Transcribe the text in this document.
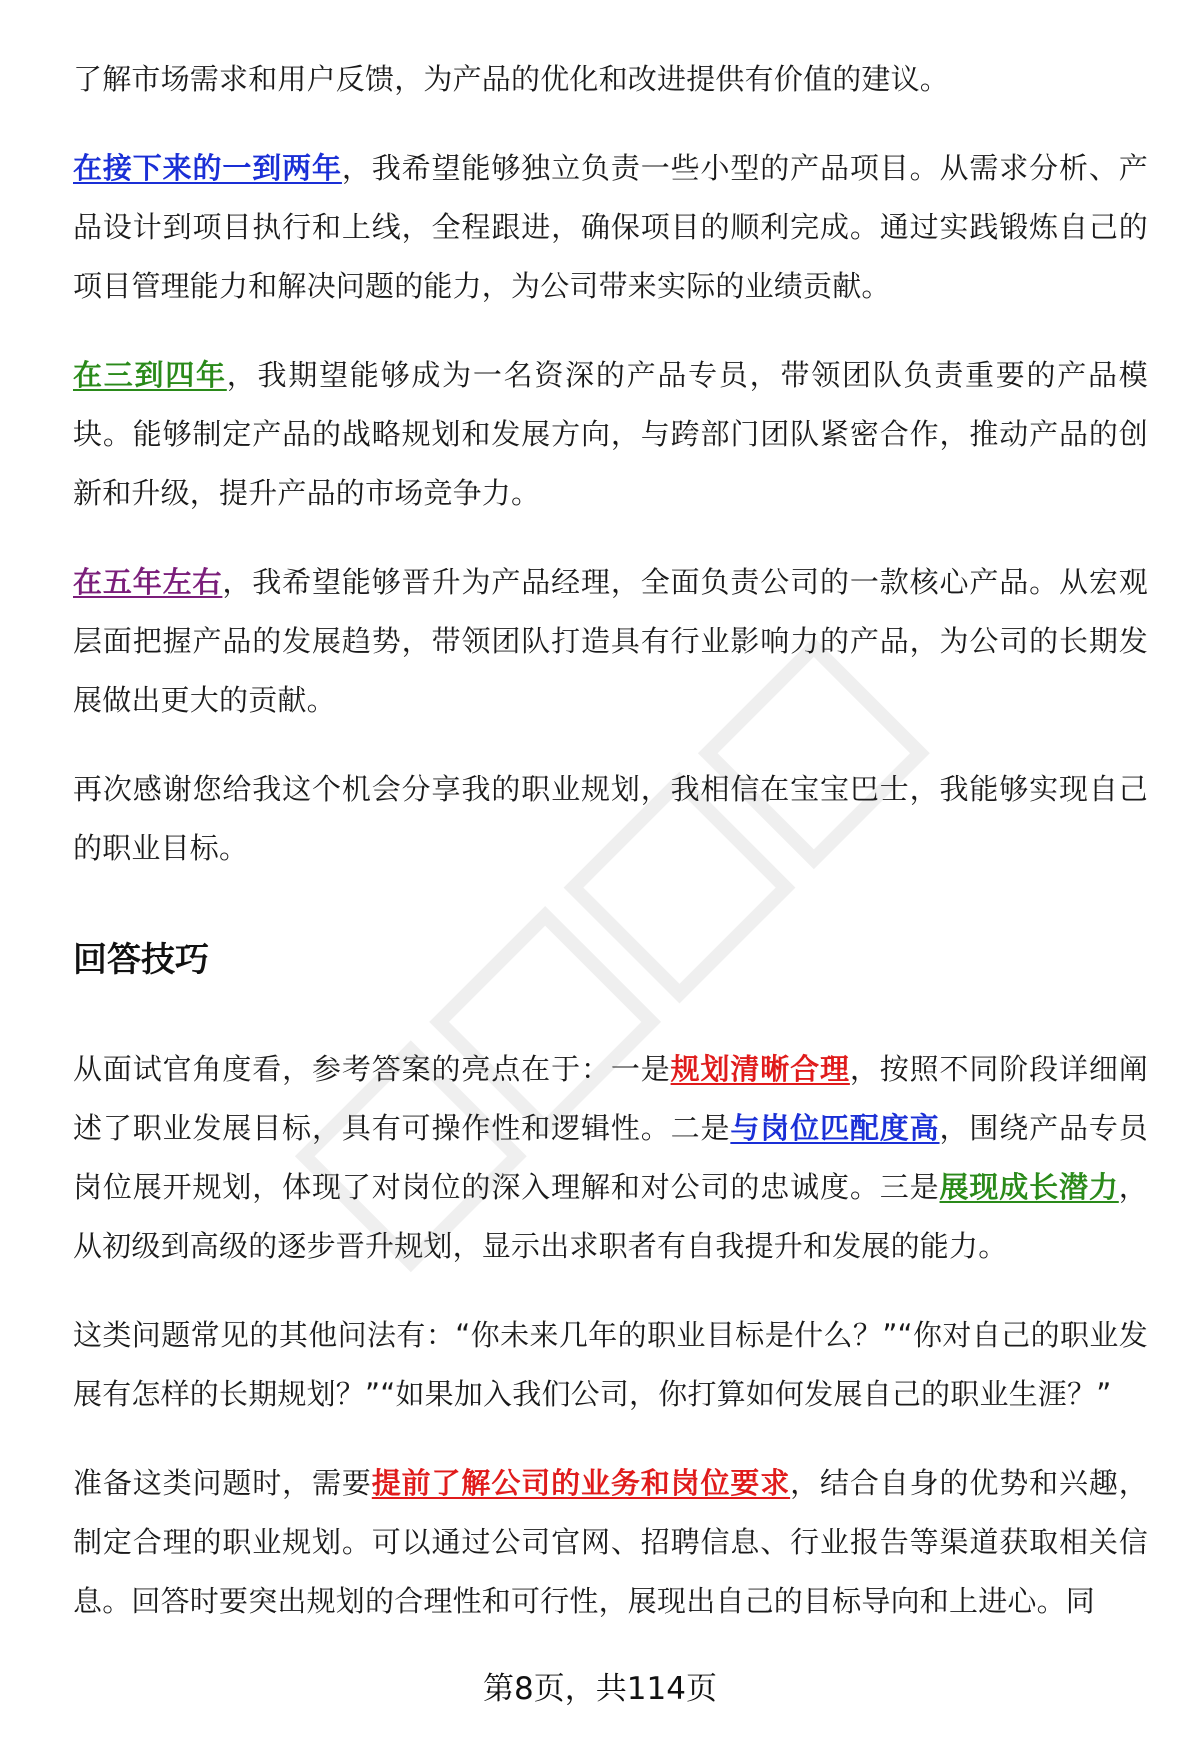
了解市场需求和用户反馈，为产品的优化和改进提供有价值的建议。

在接下来的一到两年，我希望能够独立负责一些小型的产品项目。从需求分析、产品设计到项目执行和上线，全程跟进，确保项目的顺利完成。通过实践锻炼自己的项目管理能力和解决问题的能力，为公司带来实际的业绩贡献。

在三到四年，我期望能够成为一名资深的产品专员，带领团队负责重要的产品模块。能够制定产品的战略规划和发展方向，与跨部门团队紧密合作，推动产品的创新和升级，提升产品的市场竞争力。

在五年左右，我希望能够晋升为产品经理，全面负责公司的一款核心产品。从宏观层面把握产品的发展趋势，带领团队打造具有行业影响力的产品，为公司的长期发展做出更大的贡献。

再次感谢您给我这个机会分享我的职业规划，我相信在宝宝巴士，我能够实现自己的职业目标。

回答技巧

从面试官角度看，参考答案的亮点在于：一是规划清晰合理，按照不同阶段详细阐述了职业发展目标，具有可操作性和逻辑性。二是与岗位匹配度高，围绕产品专员岗位展开规划，体现了对岗位的深入理解和对公司的忠诚度。三是展现成长潜力，从初级到高级的逐步晋升规划，显示出求职者有自我提升和发展的能力。

这类问题常见的其他问法有：“你未来几年的职业目标是什么？”“你对自己的职业发展有怎样的长期规划？”“如果加入我们公司，你打算如何发展自己的职业生涯？”

准备这类问题时，需要提前了解公司的业务和岗位要求，结合自身的优势和兴趣，制定合理的职业规划。可以通过公司官网、招聘信息、行业报告等渠道获取相关信息。回答时要突出规划的合理性和可行性，展现出自己的目标导向和上进心。同

第8页，共114页
